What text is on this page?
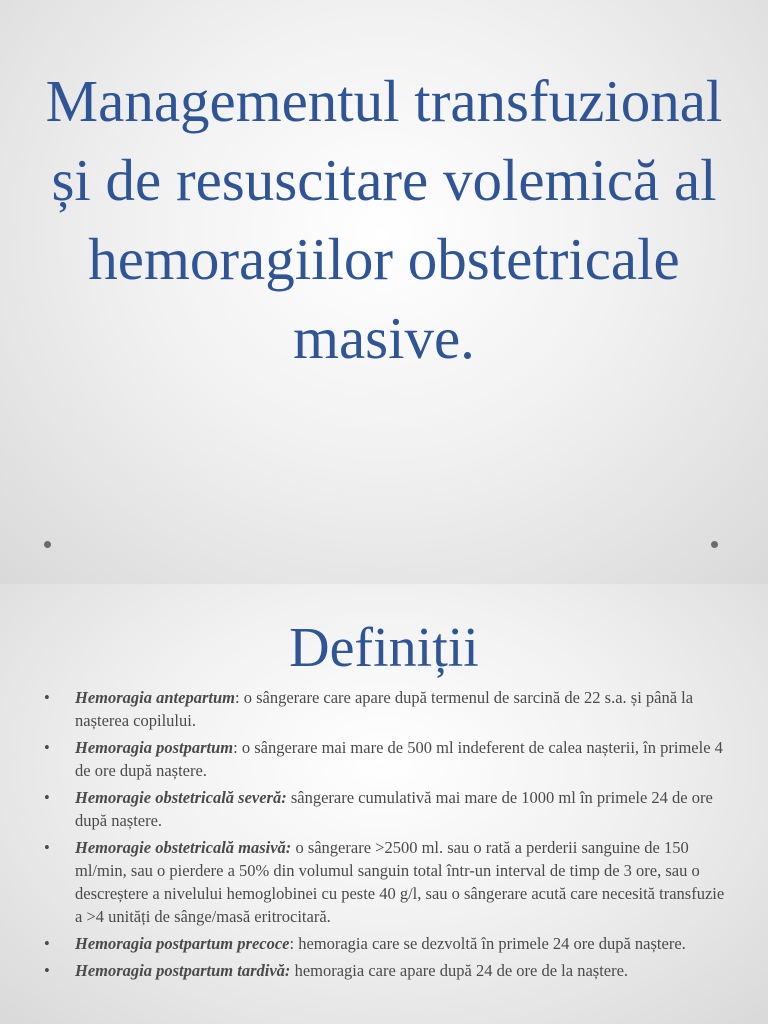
Managementul transfuzional și de resuscitare volemică al hemoragiilor obstetricale masive.
Definiții
• Hemoragia antepartum: o sângerare care apare după termenul de sarcină de 22 s.a. și până la nașterea copilului.
• Hemoragia postpartum: o sângerare mai mare de 500 ml indeferent de calea nașterii, în primele 4 de ore după naștere.
• Hemoragie obstetricală severă: sângerare cumulativă mai mare de 1000 ml în primele 24 de ore după naștere.
• Hemoragie obstetricală masivă: o sângerare >2500 ml. sau o rată a perderii sanguine de 150 ml/min, sau o pierdere a 50% din volumul sanguin total într-un interval de timp de 3 ore, sau o descreștere a nivelului hemoglobinei cu peste 40 g/l, sau o sângerare acută care necesită transfuzie a >4 unități de sânge/masă eritrocitară.
• Hemoragia postpartum precoce: hemoragia care se dezvoltă în primele 24 ore după naștere.
• Hemoragia postpartum tardivă: hemoragia care apare după 24 de ore de la naștere.
